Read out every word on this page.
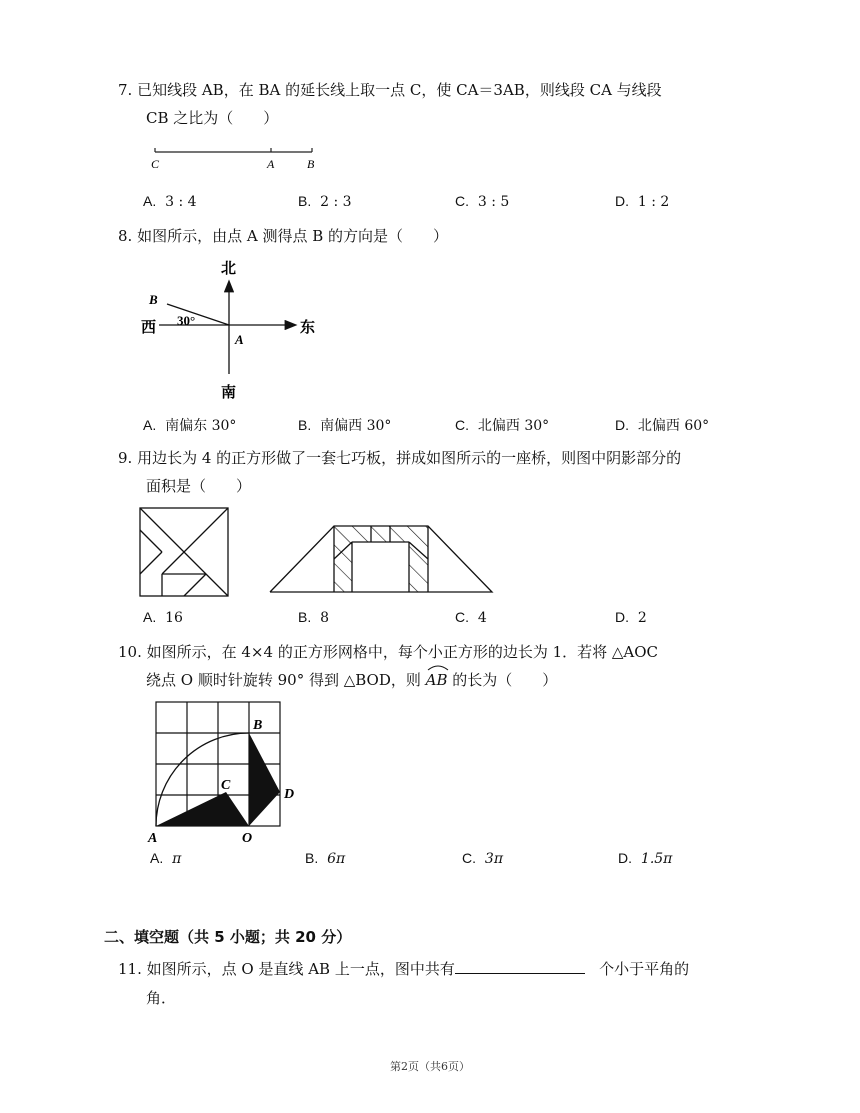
7. 已知线段 AB，在 BA 的延长线上取一点 C，使 CA＝3AB，则线段 CA 与线段
CB 之比为（　　）
C	A	B
A. 3 : 4	B. 2 : 3	C. 3 : 5	D. 1 : 2
8. 如图所示，由点 A 测得点 B 的方向是（　　）
北
南
西	东
30°
A
B
A. 南偏东 30°	B. 南偏西 30°	C. 北偏西 30°	D. 北偏西 60°
9. 用边长为 4 的正方形做了一套七巧板，拼成如图所示的一座桥，则图中阴影部分的
面积是（　　）
A. 16	B. 8	C. 4	D. 2
10. 如图所示，在 4×4 的正方形网格中，每个小正方形的边长为 1．若将 △AOC
绕点 O 顺时针旋转 90° 得到 △BOD，则
AB 的长为（　　）
A	O
B
D
C
A. π	B. 6π	C. 3π	D. 1.5π
二、填空题（共 5 小题；共 20 分）
11. 如图所示，点 O 是直线 AB 上一点，图中共有	个小于平角的
角．
第2页（共6页）
